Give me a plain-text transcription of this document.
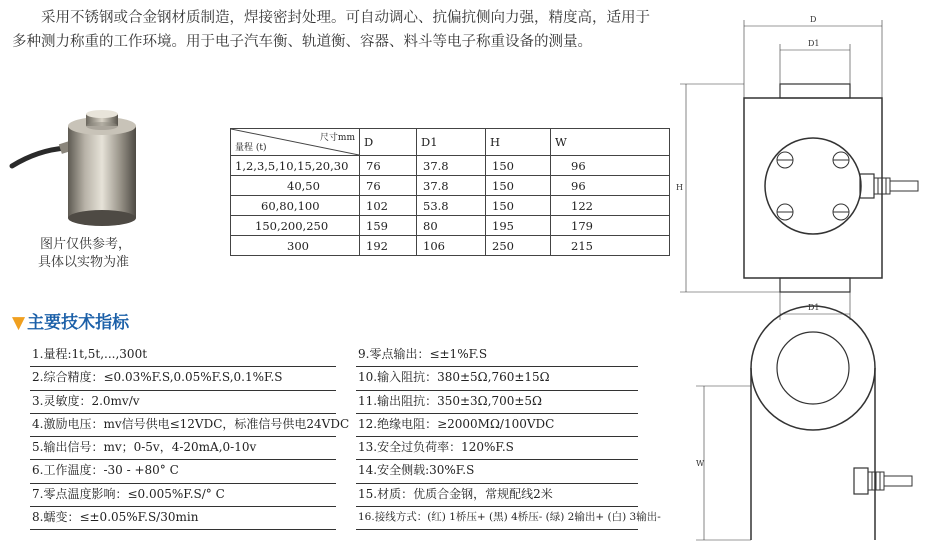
采用不锈钢或合金钢材质制造，焊接密封处理。可自动调心、抗偏抗侧向力强，精度高，适用于多种测力称重的工作环境。用于电子汽车衡、轨道衡、容器、料斗等电子称重设备的测量。

图片仅供参考，
具体以实物为准
尺寸mm
量程 (t)	D	D1	H	W
1,2,3,5,10,15,20,30	76	37.8	150	96
40,50	76	37.8	150	96
60,80,100	102	53.8	150	122
150,200,250	159	80	195	179
300	192	106	250	215
▼ 主要技术指标
1.量程:1t,5t,...,300t
2.综合精度：≤0.03%F.S,0.05%F.S,0.1%F.S
3.灵敏度：2.0mv/v
4.激励电压：mv信号供电≤12VDC，标准信号供电24VDC
5.输出信号：mv；0-5v，4-20mA,0-10v
6.工作温度：-30 - +80° C
7.零点温度影响：≤0.005%F.S/° C
8.蠕变：≤±0.05%F.S/30min
9.零点输出：≤±1%F.S
10.输入阻抗：380±5Ω,760±15Ω
11.输出阻抗：350±3Ω,700±5Ω
12.绝缘电阻：≥2000MΩ/100VDC
13.安全过负荷率：120%F.S
14.安全侧载:30%F.S
15.材质：优质合金钢，常规配线2米
16.接线方式：(红) 1桥压+ (黑) 4桥压- (绿) 2输出+ (白) 3输出-
D
D1
D1
H
W
